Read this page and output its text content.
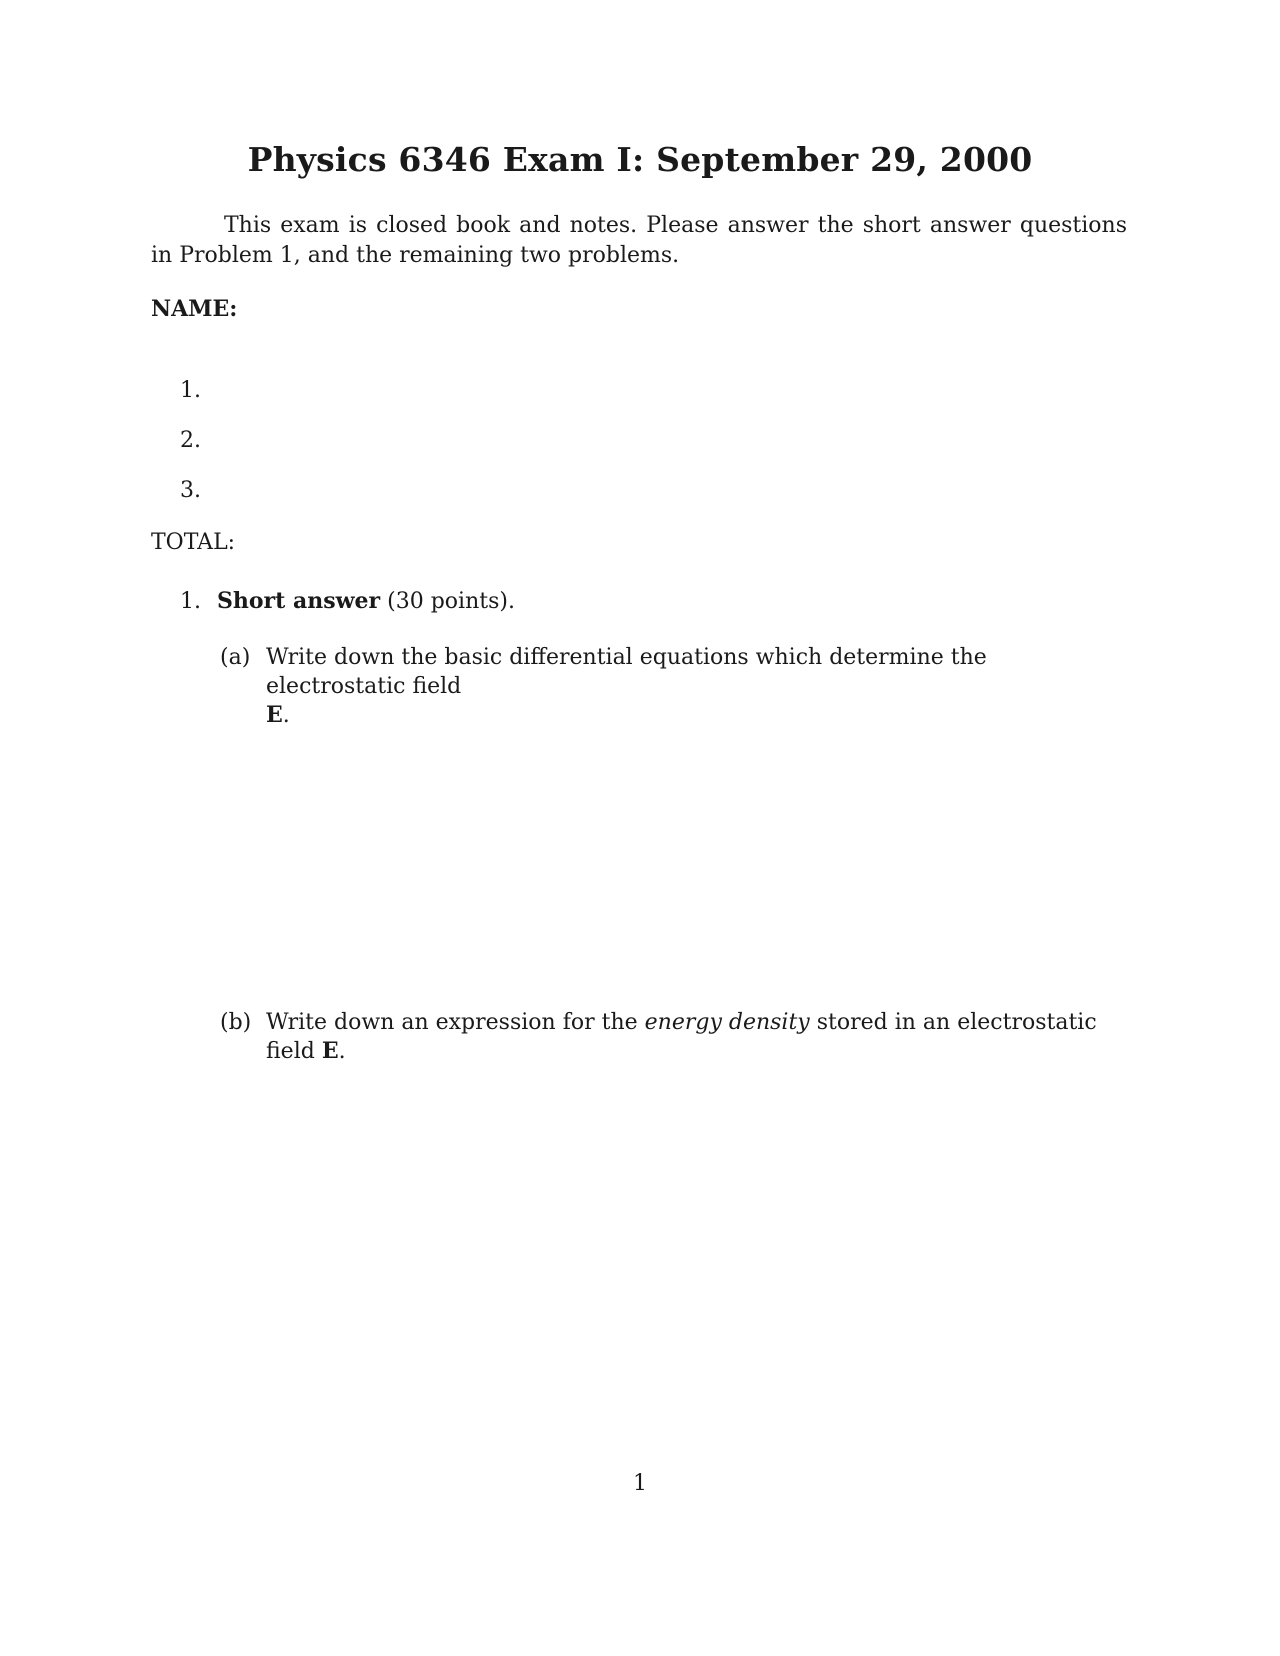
Physics 6346 Exam I: September 29, 2000
This exam is closed book and notes. Please answer the short answer questions in Problem 1, and the remaining two problems.
NAME:
1.
2.
3.
TOTAL:
1. Short answer (30 points).
(a) Write down the basic differential equations which determine the electrostatic field
E.
(b) Write down an expression for the energy density stored in an electrostatic field E.
1
